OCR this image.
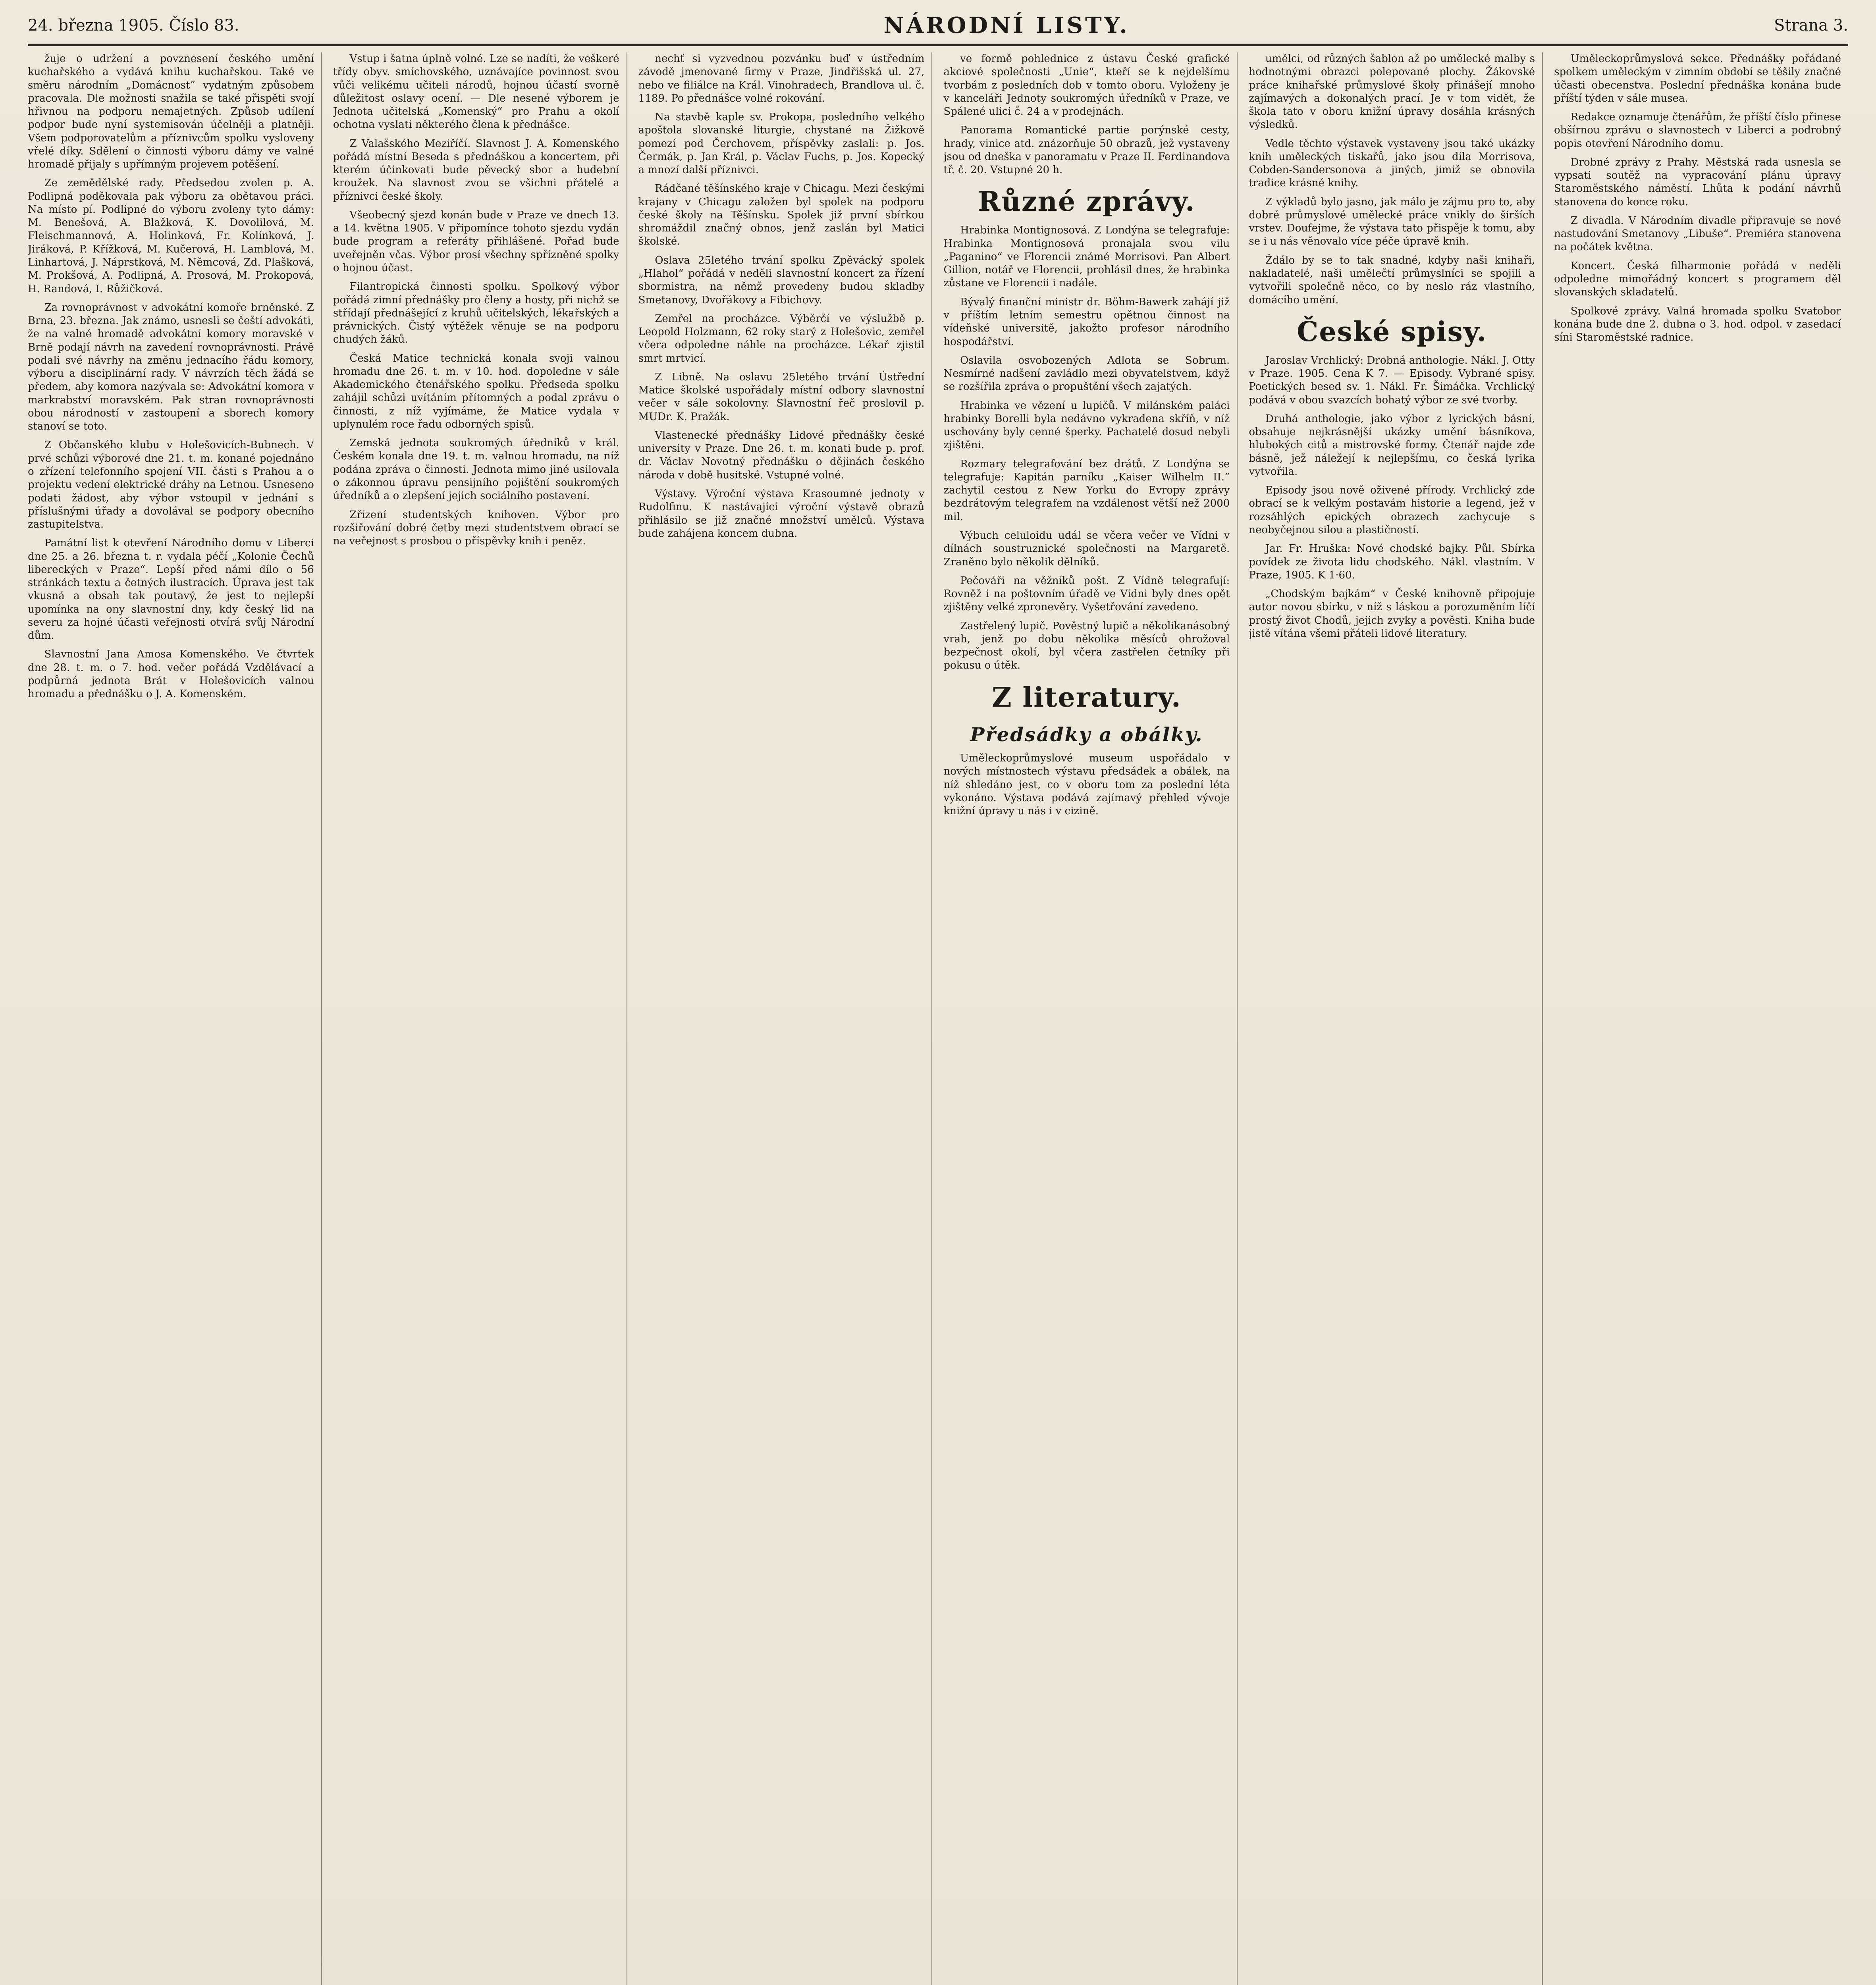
24. března 1905. Číslo 83.	NÁRODNÍ LISTY.	Strana 3.

žuje o udržení a povznesení českého umění kuchařského a vydává knihu kuchařskou. Také ve směru národním „Domácnost“ vydatným způsobem pracovala. Dle možnosti snažila se také přispěti svojí hřivnou na podporu nemajetných. Způsob udílení podpor bude nyní systemisován účelněji a platněji. Všem podporovatelům a příznivcům spolku vysloveny vřelé díky. Sdělení o činnosti výboru dámy ve valné hromadě přijaly s upřímným projevem potěšení.

Ze zemědělské rady. Předsedou zvolen p. A. Podlipná poděkovala pak výboru za obětavou práci. Na místo pí. Podlipné do výboru zvoleny tyto dámy: M. Benešová, A. Blažková, K. Dovolilová, M. Fleischmannová, A. Holinková, Fr. Kolínková, J. Jiráková, P. Křížková, M. Kučerová, H. Lamblová, M. Linhartová, J. Náprstková, M. Němcová, Zd. Plašková, M. Prokšová, A. Podlipná, A. Prosová, M. Prokopová, H. Randová, I. Růžičková.

Za rovnoprávnost v advokátní komoře brněnské. Z Brna, 23. března. Jak známo, usnesli se čeští advokáti, že na valné hromadě advokátní komory moravské v Brně podají návrh na zavedení rovnoprávnosti. Právě podali své návrhy na změnu jednacího řádu komory, výboru a disciplinární rady. V návrzích těch žádá se předem, aby komora nazývala se: Advokátní komora v markrabství moravském. Pak stran rovnoprávnosti obou národností v zastoupení a sborech komory stanoví se toto.

Z Občanského klubu v Holešovicích-Bubnech. V prvé schůzi výborové dne 21. t. m. konané pojednáno o zřízení telefonního spojení VII. části s Prahou a o projektu vedení elektrické dráhy na Letnou. Usneseno podati žádost, aby výbor vstoupil v jednání s příslušnými úřady a dovolával se podpory obecního zastupitelstva.

Památní list k otevření Národního domu v Liberci dne 25. a 26. března t. r. vydala péčí „Kolonie Čechů libereckých v Praze“. Lepší před námi dílo o 56 stránkách textu a četných ilustracích. Úprava jest tak vkusná a obsah tak poutavý, že jest to nejlepší upomínka na ony slavnostní dny, kdy český lid na severu za hojné účasti veřejnosti otvírá svůj Národní dům.

Slavnostní Jana Amosa Komenského. Ve čtvrtek dne 28. t. m. o 7. hod. večer pořádá Vzdělávací a podpůrná jednota Brát v Holešovicích valnou hromadu a přednášku o J. A. Komenském.

Vstup i šatna úplně volné. Lze se nadíti, že veškeré třídy obyv. smíchovského, uznávajíce povinnost svou vůči velikému učiteli národů, hojnou účastí svorně důležitost oslavy ocení. — Dle nesené výborem je Jednota učitelská „Komenský“ pro Prahu a okolí ochotna vyslati některého člena k přednášce.

Z Valašského Meziříčí. Slavnost J. A. Komenského pořádá místní Beseda s přednáškou a koncertem, při kterém účinkovati bude pěvecký sbor a hudební kroužek. Na slavnost zvou se všichni přátelé a příznivci české školy.

Všeobecný sjezd konán bude v Praze ve dnech 13. a 14. května 1905. V připomínce tohoto sjezdu vydán bude program a referáty přihlášené. Pořad bude uveřejněn včas. Výbor prosí všechny spřízněné spolky o hojnou účast.

Filantropická činnosti spolku. Spolkový výbor pořádá zimní přednášky pro členy a hosty, při nichž se střídají přednášející z kruhů učitelských, lékařských a právnických. Čistý výtěžek věnuje se na podporu chudých žáků.

Česká Matice technická konala svoji valnou hromadu dne 26. t. m. v 10. hod. dopoledne v sále Akademického čtenářského spolku. Předseda spolku zahájil schůzi uvítáním přítomných a podal zprávu o činnosti, z níž vyjímáme, že Matice vydala v uplynulém roce řadu odborných spisů.

Zemská jednota soukromých úředníků v král. Českém konala dne 19. t. m. valnou hromadu, na níž podána zpráva o činnosti. Jednota mimo jiné usilovala o zákonnou úpravu pensijního pojištění soukromých úředníků a o zlepšení jejich sociálního postavení.

Zřízení studentských knihoven. Výbor pro rozšiřování dobré četby mezi studentstvem obrací se na veřejnost s prosbou o příspěvky knih i peněz.

nechť si vyzvednou pozvánku buď v ústředním závodě jmenované firmy v Praze, Jindřišská ul. 27, nebo ve filiálce na Král. Vinohradech, Brandlova ul. č. 1189. Po přednášce volné rokování.

Na stavbě kaple sv. Prokopa, posledního velkého apoštola slovanské liturgie, chystané na Žižkově pomezí pod Čerchovem, příspěvky zaslali: p. Jos. Čermák, p. Jan Král, p. Václav Fuchs, p. Jos. Kopecký a mnozí další příznivci.

Rádčané těšínského kraje v Chicagu. Mezi českými krajany v Chicagu založen byl spolek na podporu české školy na Těšínsku. Spolek již první sbírkou shromáždil značný obnos, jenž zaslán byl Matici školské.

Oslava 25letého trvání spolku Zpěvácký spolek „Hlahol“ pořádá v neděli slavnostní koncert za řízení sbormistra, na němž provedeny budou skladby Smetanovy, Dvořákovy a Fibichovy.

Zemřel na procházce. Výběrčí ve výslužbě p. Leopold Holzmann, 62 roky starý z Holešovic, zemřel včera odpoledne náhle na procházce. Lékař zjistil smrt mrtvicí.

Z Libně. Na oslavu 25letého trvání Ústřední Matice školské uspořádaly místní odbory slavnostní večer v sále sokolovny. Slavnostní řeč proslovil p. MUDr. K. Pražák.

Vlastenecké přednášky Lidové přednášky české university v Praze. Dne 26. t. m. konati bude p. prof. dr. Václav Novotný přednášku o dějinách českého národa v době husitské. Vstupné volné.

Výstavy. Výroční výstava Krasoumné jednoty v Rudolfinu. K nastávající výroční výstavě obrazů přihlásilo se již značné množství umělců. Výstava bude zahájena koncem dubna.

ve formě pohlednice z ústavu České grafické akciové společnosti „Unie“, kteří se k nejdelšímu tvorbám z posledních dob v tomto oboru. Vyloženy je v kanceláři Jednoty soukromých úředníků v Praze, ve Spálené ulici č. 24 a v prodejnách.

Panorama Romantické partie porýnské cesty, hrady, vinice atd. znázorňuje 50 obrazů, jež vystaveny jsou od dneška v panoramatu v Praze II. Ferdinandova tř. č. 20. Vstupné 20 h.

Různé zprávy.

Hrabinka Montignosová. Z Londýna se telegrafuje: Hrabinka Montignosová pronajala svou vilu „Paganino“ ve Florencii známé Morrisovi. Pan Albert Gillion, notář ve Florencii, prohlásil dnes, že hrabinka zůstane ve Florencii i nadále.

Bývalý finanční ministr dr. Böhm-Bawerk zahájí již v příštím letním semestru opětnou činnost na vídeňské universitě, jakožto profesor národního hospodářství.

Oslavila osvobozených Adlota se Sobrum. Nesmírné nadšení zavládlo mezi obyvatelstvem, když se rozšířila zpráva o propuštění všech zajatých.

Hrabinka ve vězení u lupičů. V milánském paláci hrabinky Borelli byla nedávno vykradena skříň, v níž uschovány byly cenné šperky. Pachatelé dosud nebyli zjištěni.

Rozmary telegrafování bez drátů. Z Londýna se telegrafuje: Kapitán parníku „Kaiser Wilhelm II.“ zachytil cestou z New Yorku do Evropy zprávy bezdrátovým telegrafem na vzdálenost větší než 2000 mil.

Výbuch celuloidu udál se včera večer ve Vídni v dílnách soustruznické společnosti na Margaretě. Zraněno bylo několik dělníků.

Pečováři na věžníků pošt. Z Vídně telegrafují: Rovněž i na poštovním úřadě ve Vídni byly dnes opět zjištěny velké zpronevěry. Vyšetřování zavedeno.

Zastřelený lupič. Pověstný lupič a několikanásobný vrah, jenž po dobu několika měsíců ohrožoval bezpečnost okolí, byl včera zastřelen četníky při pokusu o útěk.

Z literatury.
Předsádky a obálky.

Uměleckoprůmyslové museum uspořádalo v nových místnostech výstavu předsádek a obálek, na níž shledáno jest, co v oboru tom za poslední léta vykonáno. Výstava podává zajímavý přehled vývoje knižní úpravy u nás i v cizině.

umělci, od různých šablon až po umělecké malby s hodnotnými obrazci polepované plochy. Žákovské práce knihařské průmyslové školy přinášejí mnoho zajímavých a dokonalých prací. Je v tom vidět, že škola tato v oboru knižní úpravy dosáhla krásných výsledků.

Vedle těchto výstavek vystaveny jsou také ukázky knih uměleckých tiskařů, jako jsou díla Morrisova, Cobden-Sandersonova a jiných, jimiž se obnovila tradice krásné knihy.

Z výkladů bylo jasno, jak málo je zájmu pro to, aby dobré průmyslové umělecké práce vnikly do širších vrstev. Doufejme, že výstava tato přispěje k tomu, aby se i u nás věnovalo více péče úpravě knih.

Ždálo by se to tak snadné, kdyby naši knihaři, nakladatelé, naši umělečtí průmyslníci se spojili a vytvořili společně něco, co by neslo ráz vlastního, domácího umění.

České spisy.

Jaroslav Vrchlický: Drobná anthologie. Nákl. J. Otty v Praze. 1905. Cena K 7. — Episody. Vybrané spisy. Poetických besed sv. 1. Nákl. Fr. Šimáčka. Vrchlický podává v obou svazcích bohatý výbor ze své tvorby.

Druhá anthologie, jako výbor z lyrických básní, obsahuje nejkrásnější ukázky umění básníkova, hlubokých citů a mistrovské formy. Čtenář najde zde básně, jež náležejí k nejlepšímu, co česká lyrika vytvořila.

Episody jsou nově oživené přírody. Vrchlický zde obrací se k velkým postavám historie a legend, jež v rozsáhlých epických obrazech zachycuje s neobyčejnou silou a plastičností.

Jar. Fr. Hruška: Nové chodské bajky. Půl. Sbírka povídek ze života lidu chodského. Nákl. vlastním. V Praze, 1905. K 1·60.

„Chodským bajkám“ v České knihovně připojuje autor novou sbírku, v níž s láskou a porozuměním líčí prostý život Chodů, jejich zvyky a pověsti. Kniha bude jistě vítána všemi přáteli lidové literatury.

Uměleckoprůmyslová sekce. Přednášky pořádané spolkem uměleckým v zimním období se těšily značné účasti obecenstva. Poslední přednáška konána bude příští týden v sále musea.

Redakce oznamuje čtenářům, že příští číslo přinese obšírnou zprávu o slavnostech v Liberci a podrobný popis otevření Národního domu.

Drobné zprávy z Prahy. Městská rada usnesla se vypsati soutěž na vypracování plánu úpravy Staroměstského náměstí. Lhůta k podání návrhů stanovena do konce roku.

Z divadla. V Národním divadle připravuje se nové nastudování Smetanovy „Libuše“. Premiéra stanovena na počátek května.

Koncert. Česká filharmonie pořádá v neděli odpoledne mimořádný koncert s programem děl slovanských skladatelů.

Spolkové zprávy. Valná hromada spolku Svatobor konána bude dne 2. dubna o 3. hod. odpol. v zasedací síni Staroměstské radnice.
